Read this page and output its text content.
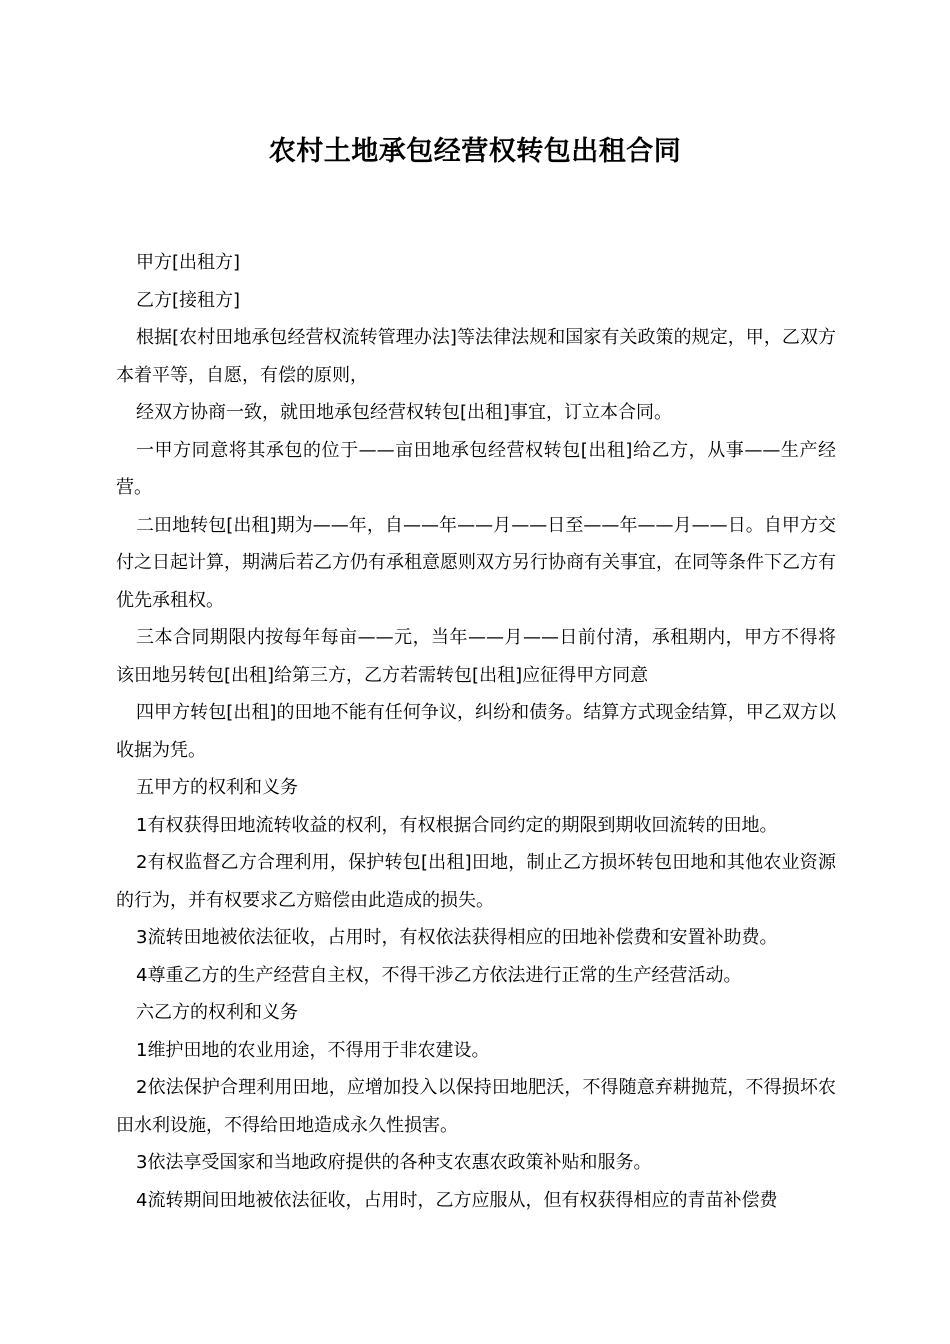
农村土地承包经营权转包出租合同

甲方[出租方]

乙方[接租方]

根据[农村田地承包经营权流转管理办法]等法律法规和国家有关政策的规定，甲，乙双方本着平等，自愿，有偿的原则，

经双方协商一致，就田地承包经营权转包[出租]事宜，订立本合同。

一甲方同意将其承包的位于——亩田地承包经营权转包[出租]给乙方，从事——生产经营。

二田地转包[出租]期为——年，自——年——月——日至——年——月——日。自甲方交付之日起计算，期满后若乙方仍有承租意愿则双方另行协商有关事宜，在同等条件下乙方有优先承租权。

三本合同期限内按每年每亩——元，当年——月——日前付清，承租期内，甲方不得将该田地另转包[出租]给第三方，乙方若需转包[出租]应征得甲方同意

四甲方转包[出租]的田地不能有任何争议，纠纷和债务。结算方式现金结算，甲乙双方以收据为凭。

五甲方的权利和义务

1有权获得田地流转收益的权利，有权根据合同约定的期限到期收回流转的田地。

2有权监督乙方合理利用，保护转包[出租]田地，制止乙方损坏转包田地和其他农业资源的行为，并有权要求乙方赔偿由此造成的损失。

3流转田地被依法征收，占用时，有权依法获得相应的田地补偿费和安置补助费。

4尊重乙方的生产经营自主权，不得干涉乙方依法进行正常的生产经营活动。

六乙方的权利和义务

1维护田地的农业用途，不得用于非农建设。

2依法保护合理利用田地，应增加投入以保持田地肥沃，不得随意弃耕抛荒，不得损坏农田水利设施，不得给田地造成永久性损害。

3依法享受国家和当地政府提供的各种支农惠农政策补贴和服务。

4流转期间田地被依法征收，占用时，乙方应服从，但有权获得相应的青苗补偿费
